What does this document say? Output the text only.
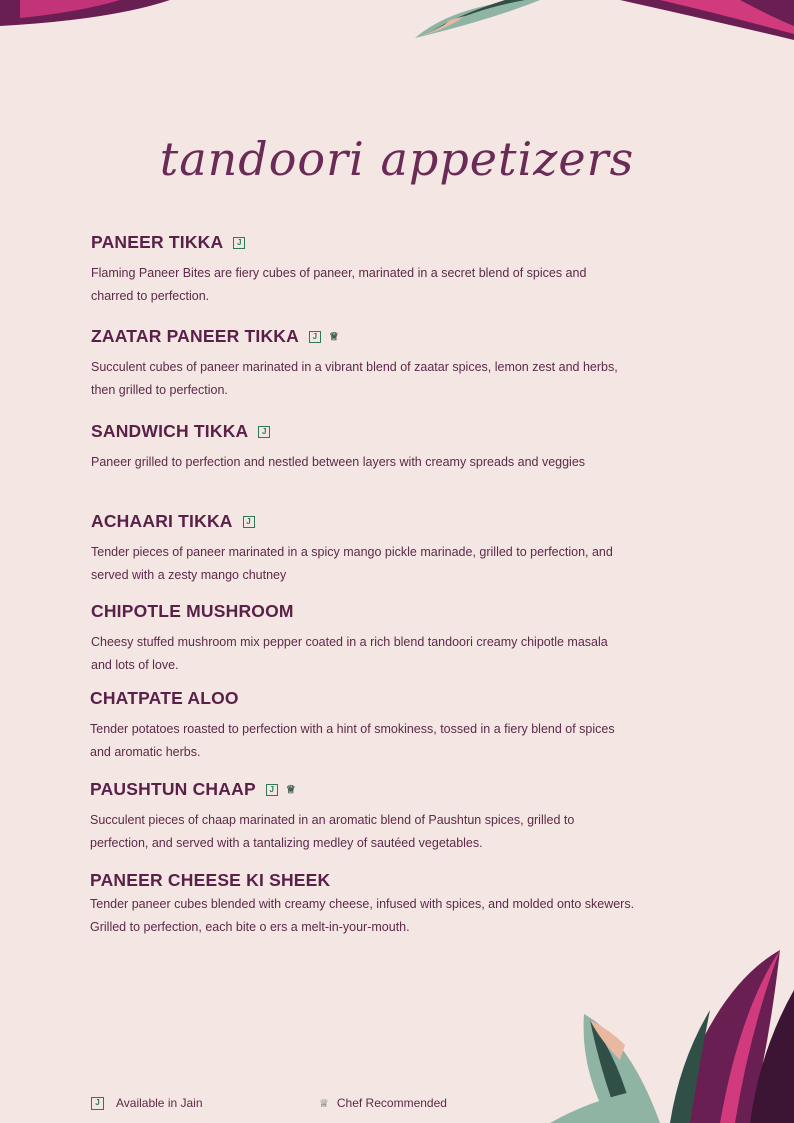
tandoori appetizers
PANEER TIKKA	J
Flaming Paneer Bites are fiery cubes of paneer, marinated in a secret blend of spices and charred to perfection.
ZAATAR PANEER TIKKA	J	♕
Succulent cubes of paneer marinated in a vibrant blend of zaatar spices, lemon zest and herbs, then grilled to perfection.
SANDWICH TIKKA	J
Paneer grilled to perfection and nestled between layers with creamy spreads and veggies
ACHAARI TIKKA	J
Tender pieces of paneer marinated in a spicy mango pickle marinade, grilled to perfection, and served with a zesty mango chutney
CHIPOTLE MUSHROOM
Cheesy stuffed mushroom mix pepper coated in a rich blend tandoori creamy chipotle masala and lots of love.
CHATPATE ALOO
Tender potatoes roasted to perfection with a hint of smokiness, tossed in a fiery blend of spices and aromatic herbs.
PAUSHTUN CHAAP	J	♕
Succulent pieces of chaap marinated in an aromatic blend of Paushtun spices, grilled to perfection, and served with a tantalizing medley of sautéed vegetables.
PANEER CHEESE KI SHEEK
Tender paneer cubes blended with creamy cheese, infused with spices, and molded onto skewers. Grilled to perfection, each bite o ers a melt-in-your-mouth.
J	Available in Jain	♕ Chef Recommended
